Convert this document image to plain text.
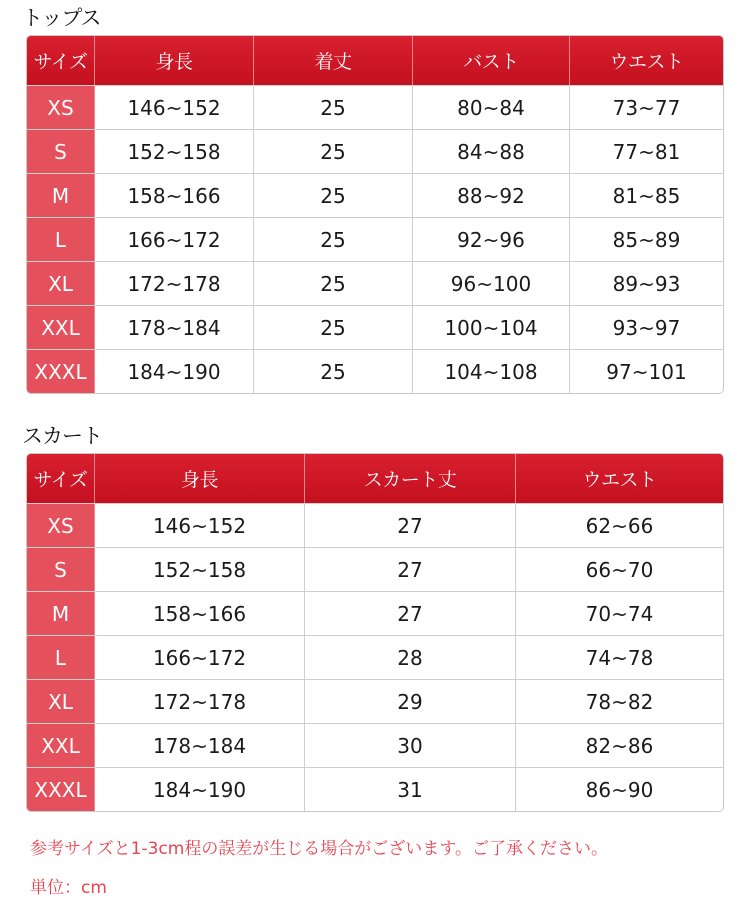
トップス
サイズ	身長	着丈	バスト	ウエスト
XS	146~152	25	80~84	73~77
S	152~158	25	84~88	77~81
M	158~166	25	88~92	81~85
L	166~172	25	92~96	85~89
XL	172~178	25	96~100	89~93
XXL	178~184	25	100~104	93~97
XXXL	184~190	25	104~108	97~101
スカート
サイズ	身長	スカート丈	ウエスト
XS	146~152	27	62~66
S	152~158	27	66~70
M	158~166	27	70~74
L	166~172	28	74~78
XL	172~178	29	78~82
XXL	178~184	30	82~86
XXXL	184~190	31	86~90
参考サイズと1-3cm程の誤差が生じる場合がございます。ご了承ください。
単位：cm
